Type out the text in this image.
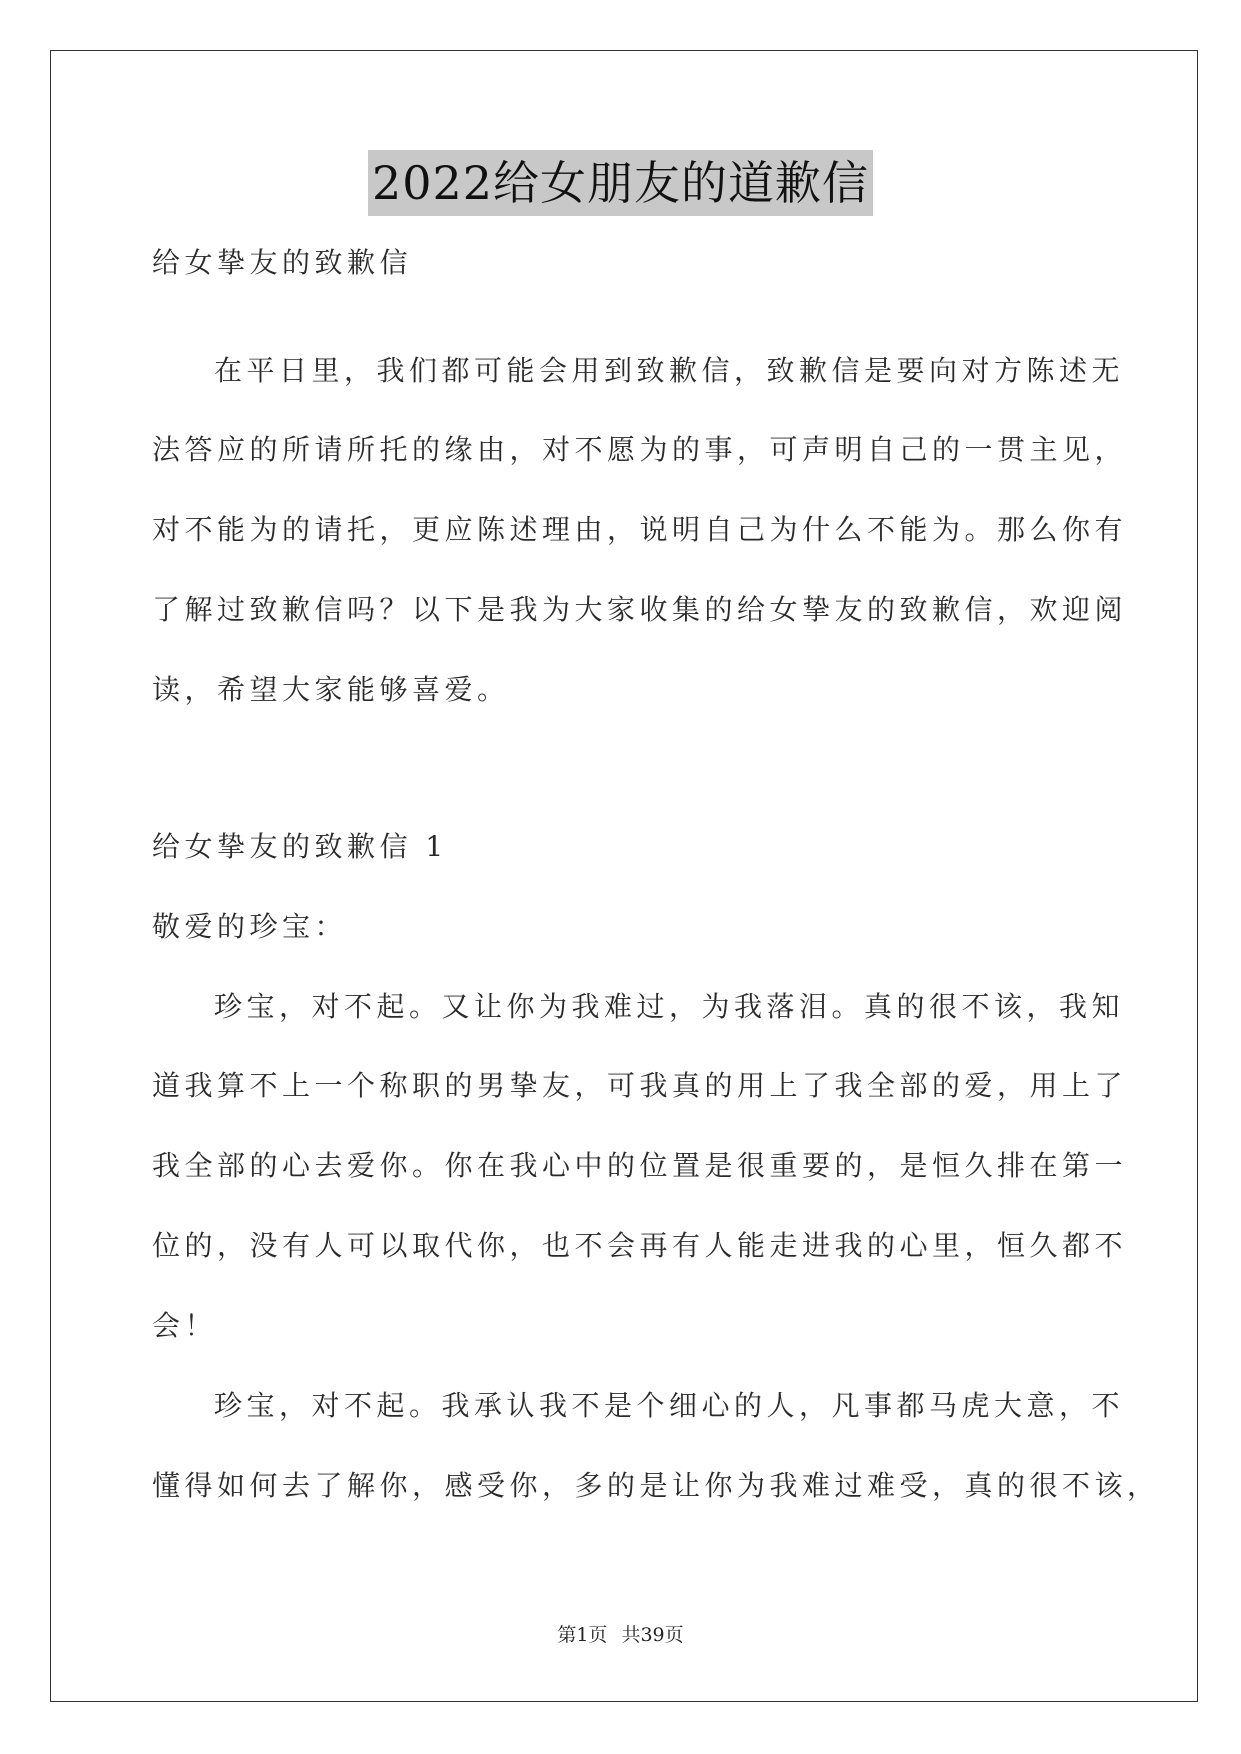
2022给女朋友的道歉信
给女挚友的致歉信
在平日里，我们都可能会用到致歉信，致歉信是要向对方陈述无
法答应的所请所托的缘由，对不愿为的事，可声明自己的一贯主见，
对不能为的请托，更应陈述理由，说明自己为什么不能为。那么你有
了解过致歉信吗？以下是我为大家收集的给女挚友的致歉信，欢迎阅
读，希望大家能够喜爱。
给女挚友的致歉信 1
敬爱的珍宝：
珍宝，对不起。又让你为我难过，为我落泪。真的很不该，我知
道我算不上一个称职的男挚友，可我真的用上了我全部的爱，用上了
我全部的心去爱你。你在我心中的位置是很重要的，是恒久排在第一
位的，没有人可以取代你，也不会再有人能走进我的心里，恒久都不
会！
珍宝，对不起。我承认我不是个细心的人，凡事都马虎大意，不
懂得如何去了解你，感受你，多的是让你为我难过难受，真的很不该，
第1页 共39页
